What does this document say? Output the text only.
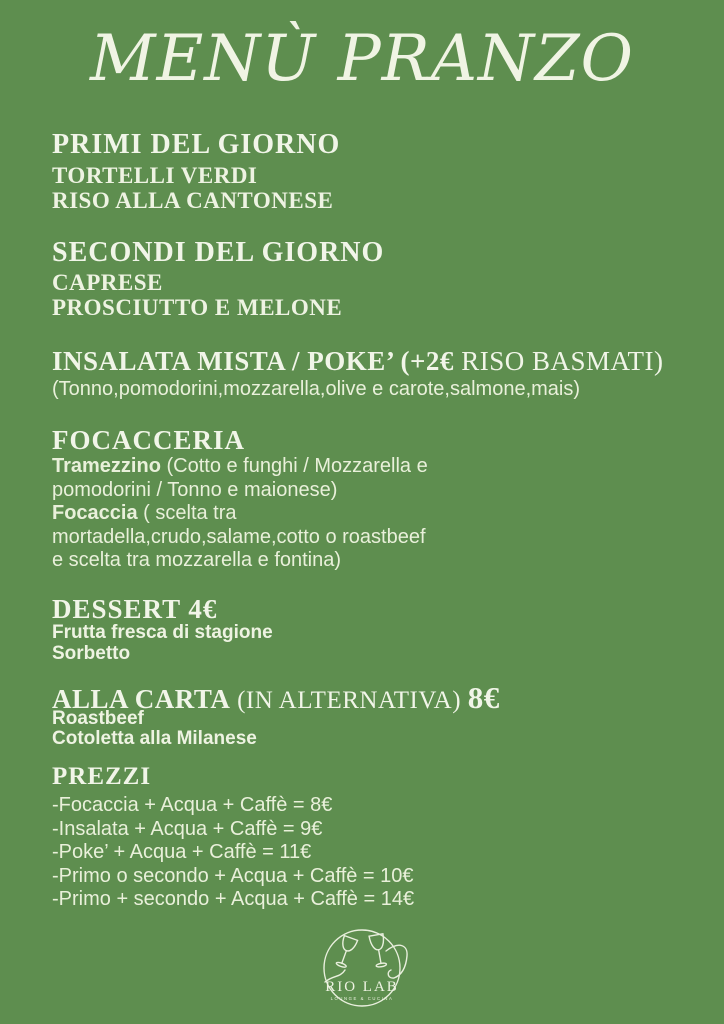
MENÙ PRANZO
PRIMI DEL GIORNO
TORTELLI VERDI
RISO ALLA CANTONESE
SECONDI DEL GIORNO
CAPRESE
PROSCIUTTO E MELONE
INSALATA MISTA / POKE’ (+2€ RISO BASMATI)
(Tonno,pomodorini,mozzarella,olive e carote,salmone,mais)
FOCACCERIA
Tramezzino (Cotto e funghi / Mozzarella e
pomodorini / Tonno e maionese)
Focaccia ( scelta tra
mortadella,crudo,salame,cotto o roastbeef
e scelta tra mozzarella e fontina)
DESSERT 4€
Frutta fresca di stagione
Sorbetto
ALLA CARTA (IN ALTERNATIVA) 8€
Roastbeef
Cotoletta alla Milanese
PREZZI
-Focaccia + Acqua + Caffè = 8€
-Insalata + Acqua + Caffè = 9€
-Poke’ + Acqua + Caffè = 11€
-Primo o secondo + Acqua + Caffè = 10€
-Primo + secondo + Acqua + Caffè = 14€
RIO LAB
LOUNGE & CUCINA
